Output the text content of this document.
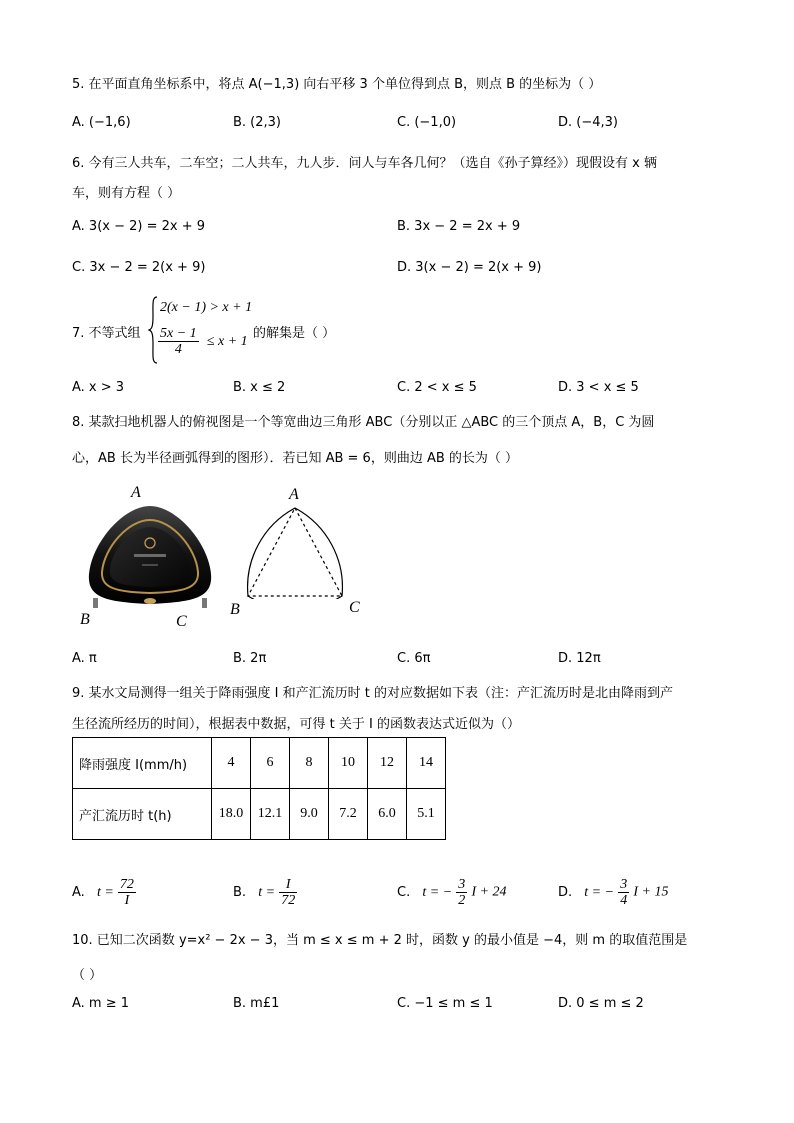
5. 在平面直角坐标系中，将点 A(−1,3) 向右平移 3 个单位得到点 B，则点 B 的坐标为（ ）
A. (−1,6)	B. (2,3)	C. (−1,0)	D. (−4,3)
6. 今有三人共车，二车空；二人共车，九人步．问人与车各几何？（选自《孙子算经》）现假设有 x 辆
车，则有方程（ ）
A. 3(x − 2) = 2x + 9	B. 3x − 2 = 2x + 9
C. 3x − 2 = 2(x + 9)	D. 3(x − 2) = 2(x + 9)
7. 不等式组
2(x − 1) > x + 1
$\frac{5x - 1}{4} \le x + 1$ 的解集是（ ）
A. x > 3	B. x ≤ 2	C. 2 < x ≤ 5	D. 3 < x ≤ 5
8. 某款扫地机器人的俯视图是一个等宽曲边三角形 ABC（分别以正 △ABC 的三个顶点 A，B，C 为圆
心，AB 长为半径画弧得到的图形）．若已知 AB = 6，则曲边 AB 的长为（ ）
A
B	C
A
B	C
A. π	B. 2π	C. 6π	D. 12π
9. 某水文局测得一组关于降雨强度 I 和产汇流历时 t 的对应数据如下表（注：产汇流历时是北由降雨到产
生径流所经历的时间），根据表中数据，可得 t 关于 I 的函数表达式近似为（）
降雨强度 I(mm/h)	4	6	8	10	12	14
产汇流历时 t(h)	18.0	12.1	9.0	7.2	6.0	5.1
A. $t = \frac{72}{I}$	B. $t = \frac{I}{72}$	C. t = − $\frac{3}{2}$ I + 24	D. t = − $\frac{3}{4}$ I + 15
10. 已知二次函数 y=x² − 2x − 3，当 m ≤ x ≤ m + 2 时，函数 y 的最小值是 −4，则 m 的取值范围是
（ ）
A. m ≥ 1	B. m£1	C. −1 ≤ m ≤ 1	D. 0 ≤ m ≤ 2
